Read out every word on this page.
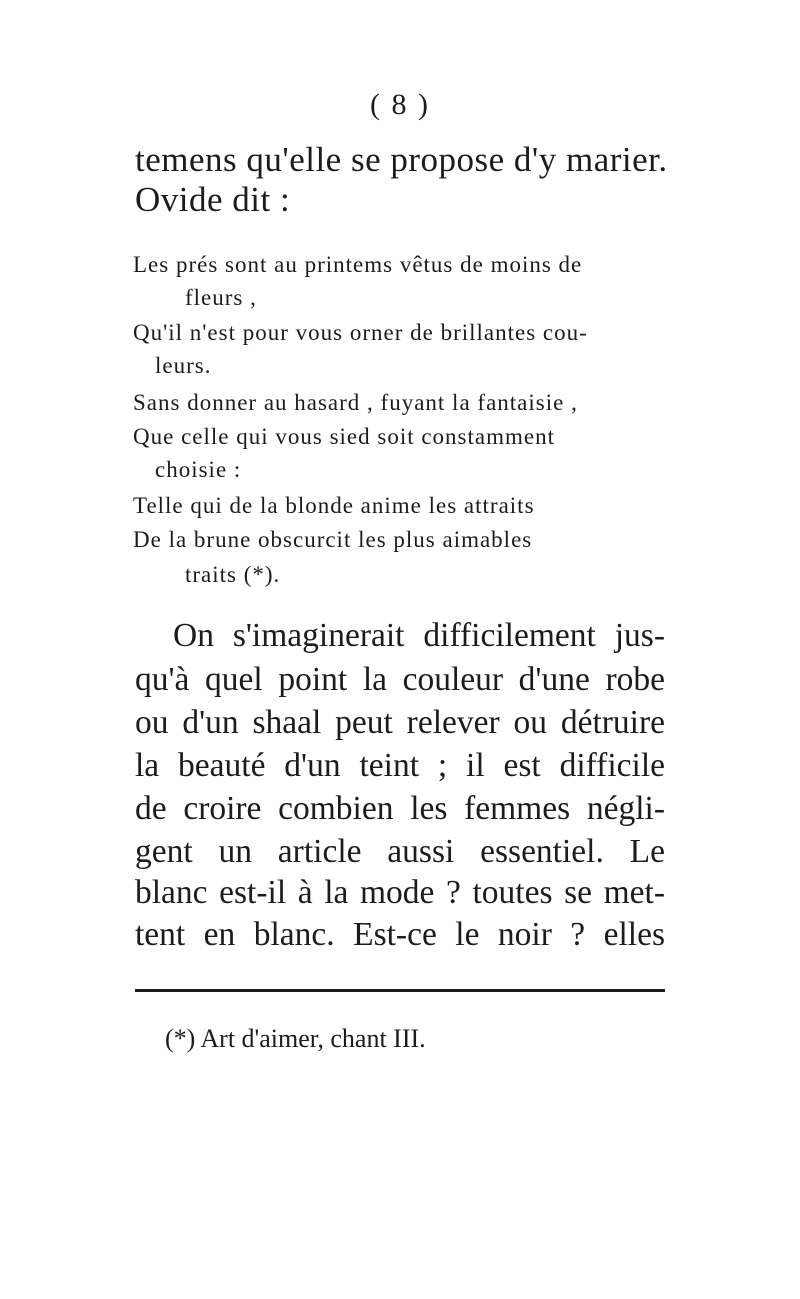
( 8 )
temens qu'elle se propose d'y marier.
Ovide dit :
Les prés sont au printems vêtus de moins de
fleurs ,
Qu'il n'est pour vous orner de brillantes cou-
leurs.
Sans donner au hasard , fuyant la fantaisie ,
Que celle qui vous sied soit constamment
choisie :
Telle qui de la blonde anime les attraits
De la brune obscurcit les plus aimables
traits (*).
On s'imaginerait difficilement jus-
qu'à quel point la couleur d'une robe
ou d'un shaal peut relever ou détruire
la beauté d'un teint ; il est difficile
de croire combien les femmes négli-
gent un article aussi essentiel. Le
blanc est-il à la mode ? toutes se met-
tent en blanc. Est-ce le noir ? elles
(*) Art d'aimer, chant III.
